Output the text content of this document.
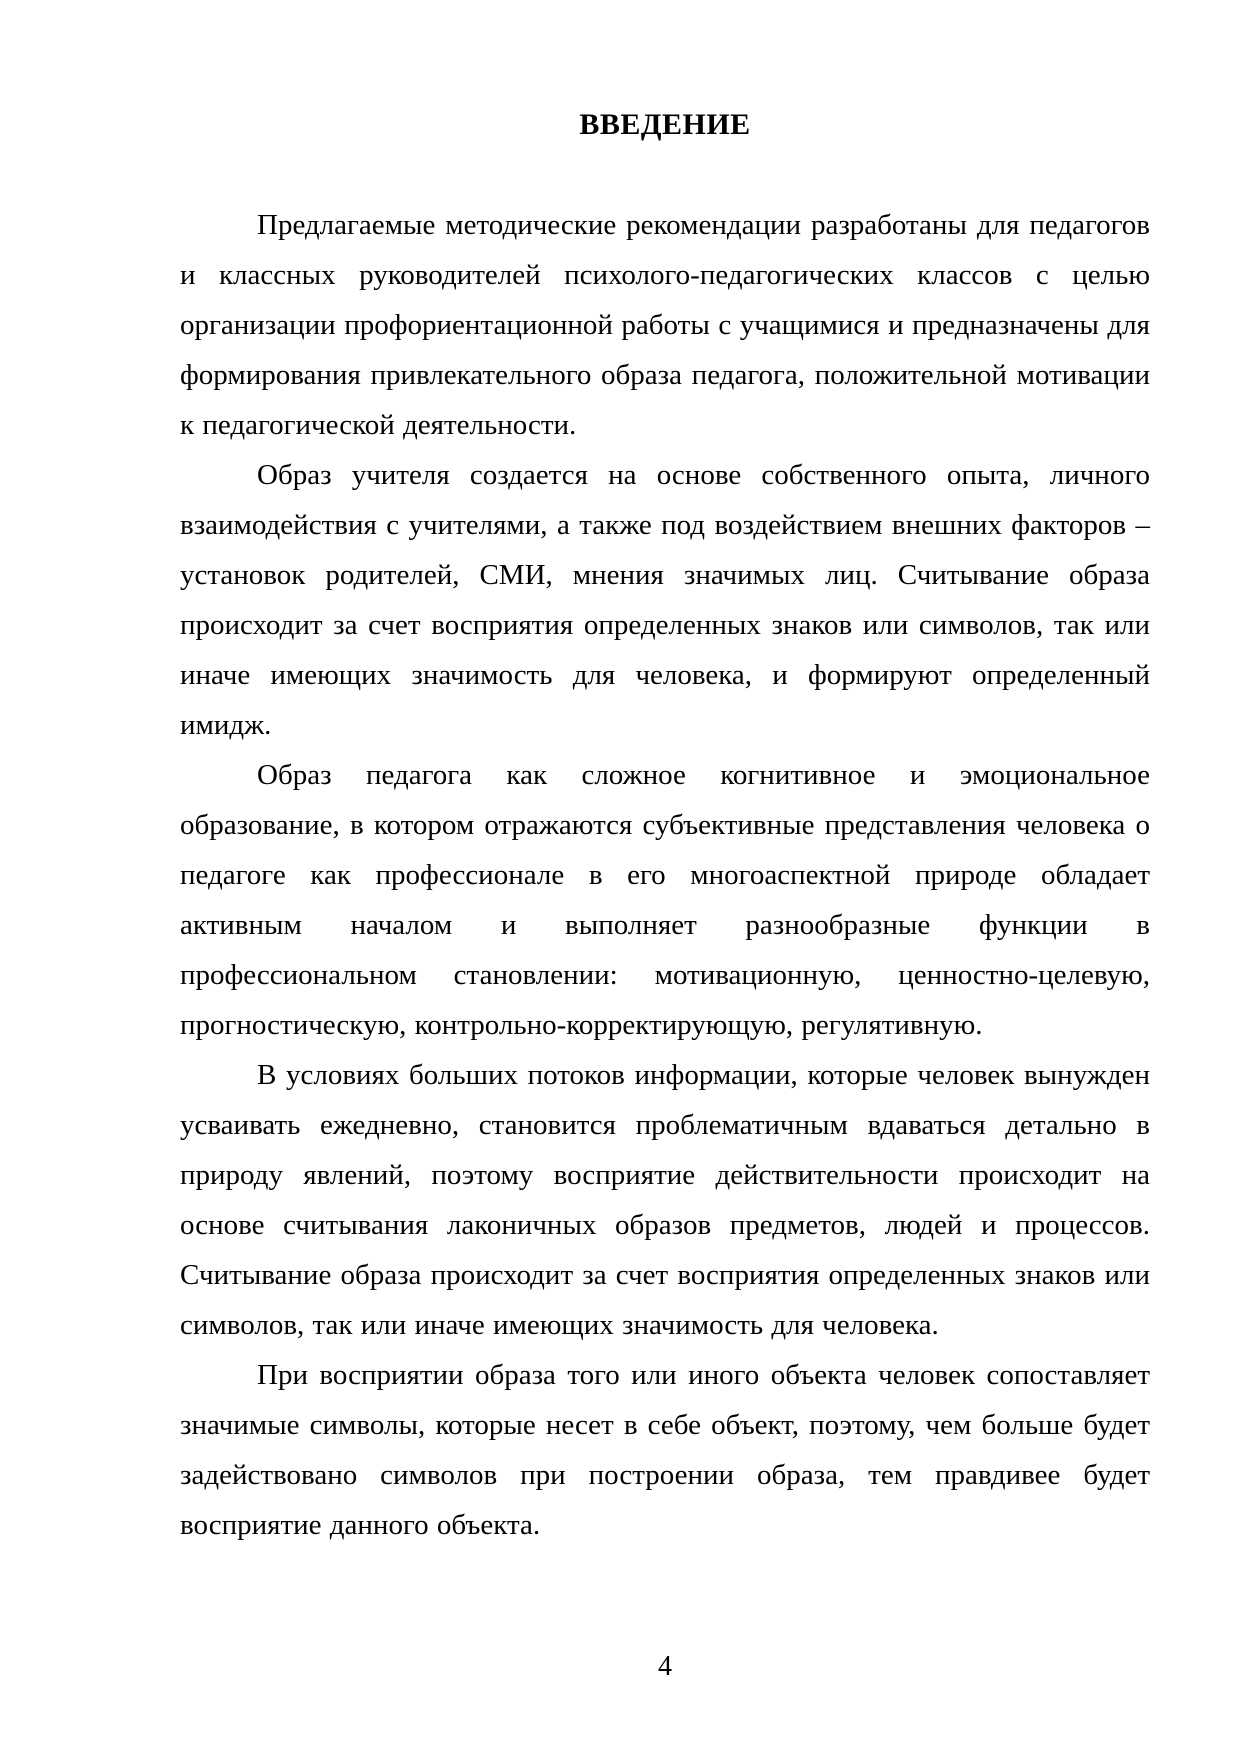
ВВЕДЕНИЕ

Предлагаемые методические рекомендации разработаны для педагогов и классных руководителей психолого-педагогических классов с целью организации профориентационной работы с учащимися и предназначены для формирования привлекательного образа педагога, положительной мотивации к педагогической деятельности.

Образ учителя создается на основе собственного опыта, личного взаимодействия с учителями, а также под воздействием внешних факторов – установок родителей, СМИ, мнения значимых лиц. Считывание образа происходит за счет восприятия определенных знаков или символов, так или иначе имеющих значимость для человека, и формируют определенный имидж.

Образ педагога как сложное когнитивное и эмоциональное образование, в котором отражаются субъективные представления человека о педагоге как профессионале в его многоаспектной природе обладает активным началом и выполняет разнообразные функции в профессиональном становлении: мотивационную, ценностно-целевую, прогностическую, контрольно-корректирующую, регулятивную.

В условиях больших потоков информации, которые человек вынужден усваивать ежедневно, становится проблематичным вдаваться детально в природу явлений, поэтому восприятие действительности происходит на основе считывания лаконичных образов предметов, людей и процессов. Считывание образа происходит за счет восприятия определенных знаков или символов, так или иначе имеющих значимость для человека.

При восприятии образа того или иного объекта человек сопоставляет значимые символы, которые несет в себе объект, поэтому, чем больше будет задействовано символов при построении образа, тем правдивее будет восприятие данного объекта.

4
